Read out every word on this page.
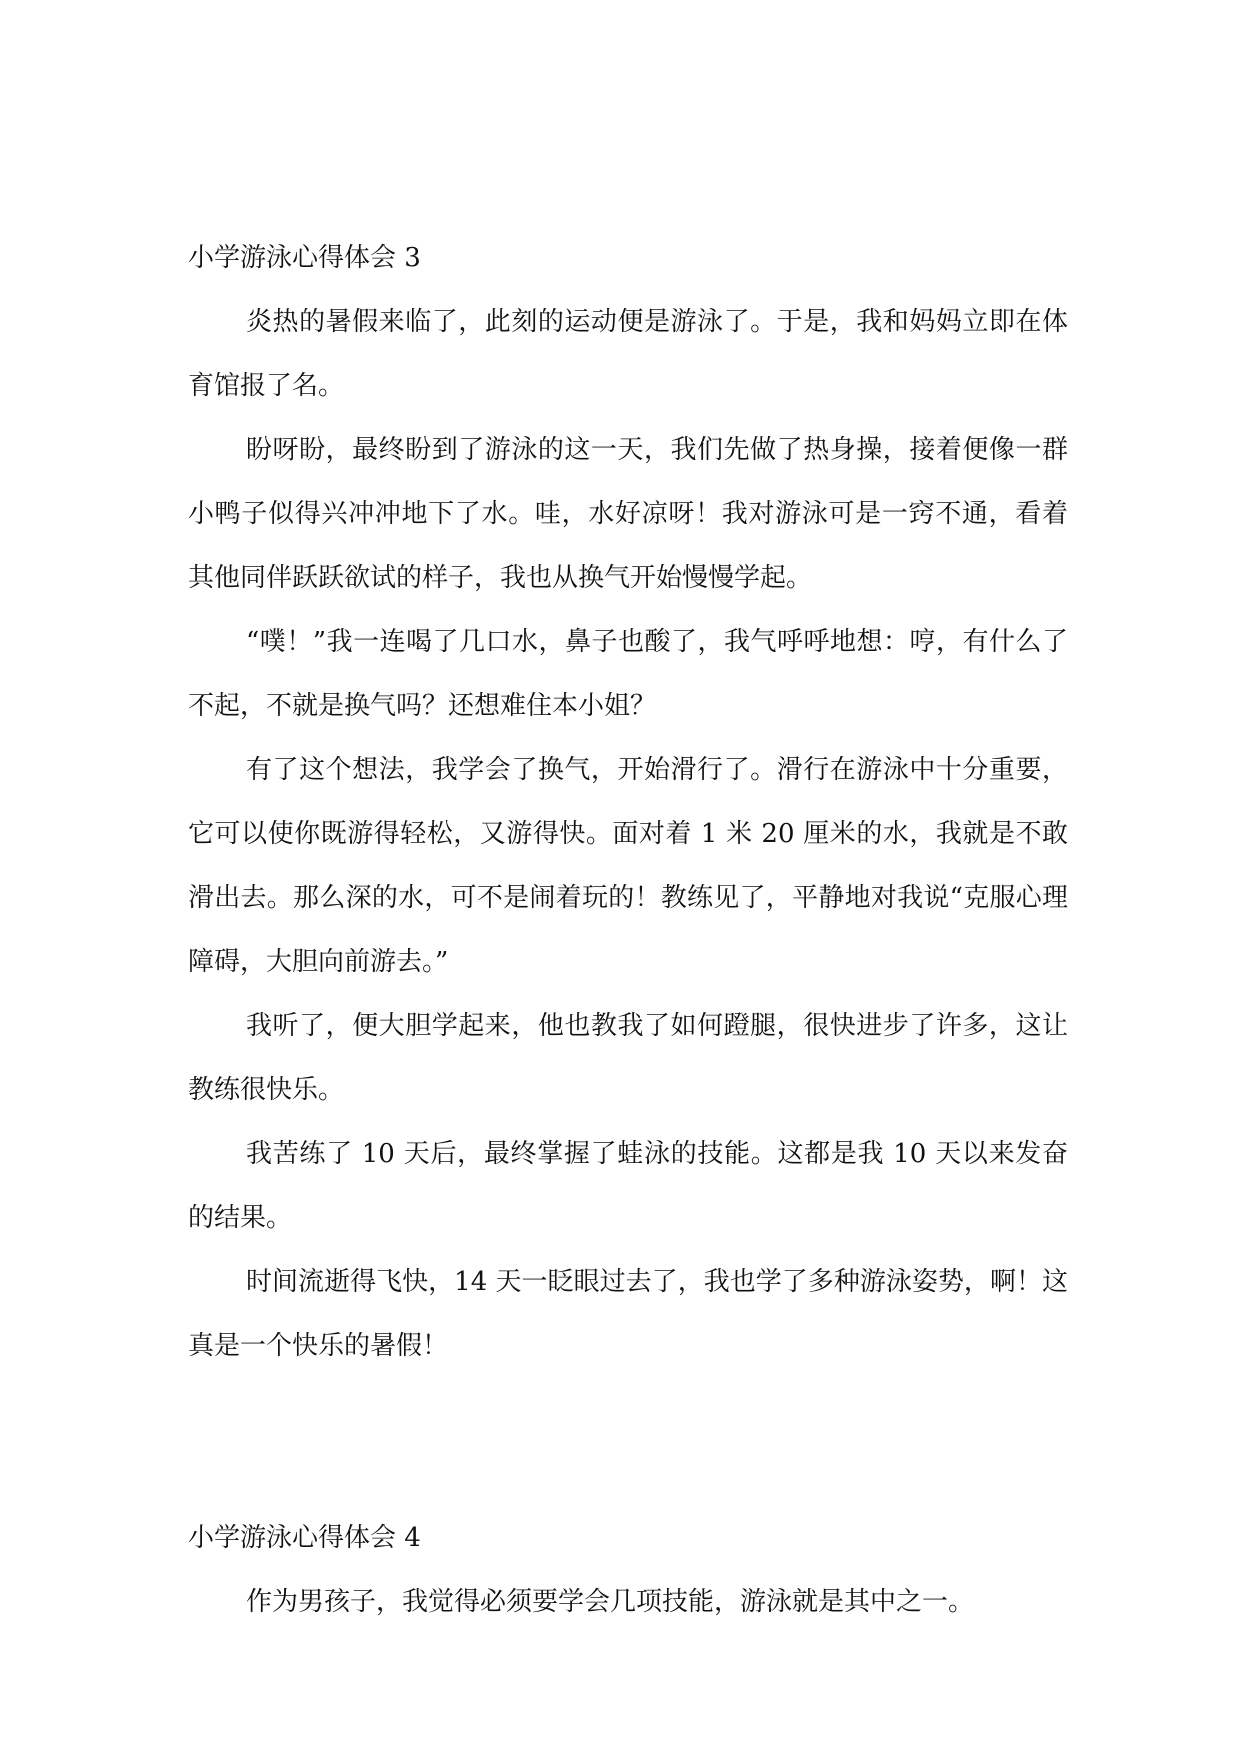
小学游泳心得体会 3

炎热的暑假来临了，此刻的运动便是游泳了。于是，我和妈妈立即在体育馆报了名。

盼呀盼，最终盼到了游泳的这一天，我们先做了热身操，接着便像一群小鸭子似得兴冲冲地下了水。哇，水好凉呀！我对游泳可是一窍不通，看着其他同伴跃跃欲试的样子，我也从换气开始慢慢学起。

“噗！”我一连喝了几口水，鼻子也酸了，我气呼呼地想：哼，有什么了不起，不就是换气吗？还想难住本小姐？

有了这个想法，我学会了换气，开始滑行了。滑行在游泳中十分重要，它可以使你既游得轻松，又游得快。面对着 1 米 20 厘米的水，我就是不敢滑出去。那么深的水，可不是闹着玩的！教练见了，平静地对我说“克服心理障碍，大胆向前游去。”

我听了，便大胆学起来，他也教我了如何蹬腿，很快进步了许多，这让教练很快乐。

我苦练了 10 天后，最终掌握了蛙泳的技能。这都是我 10 天以来发奋的结果。

时间流逝得飞快，14 天一眨眼过去了，我也学了多种游泳姿势，啊！这真是一个快乐的暑假！

小学游泳心得体会 4

作为男孩子，我觉得必须要学会几项技能，游泳就是其中之一。
